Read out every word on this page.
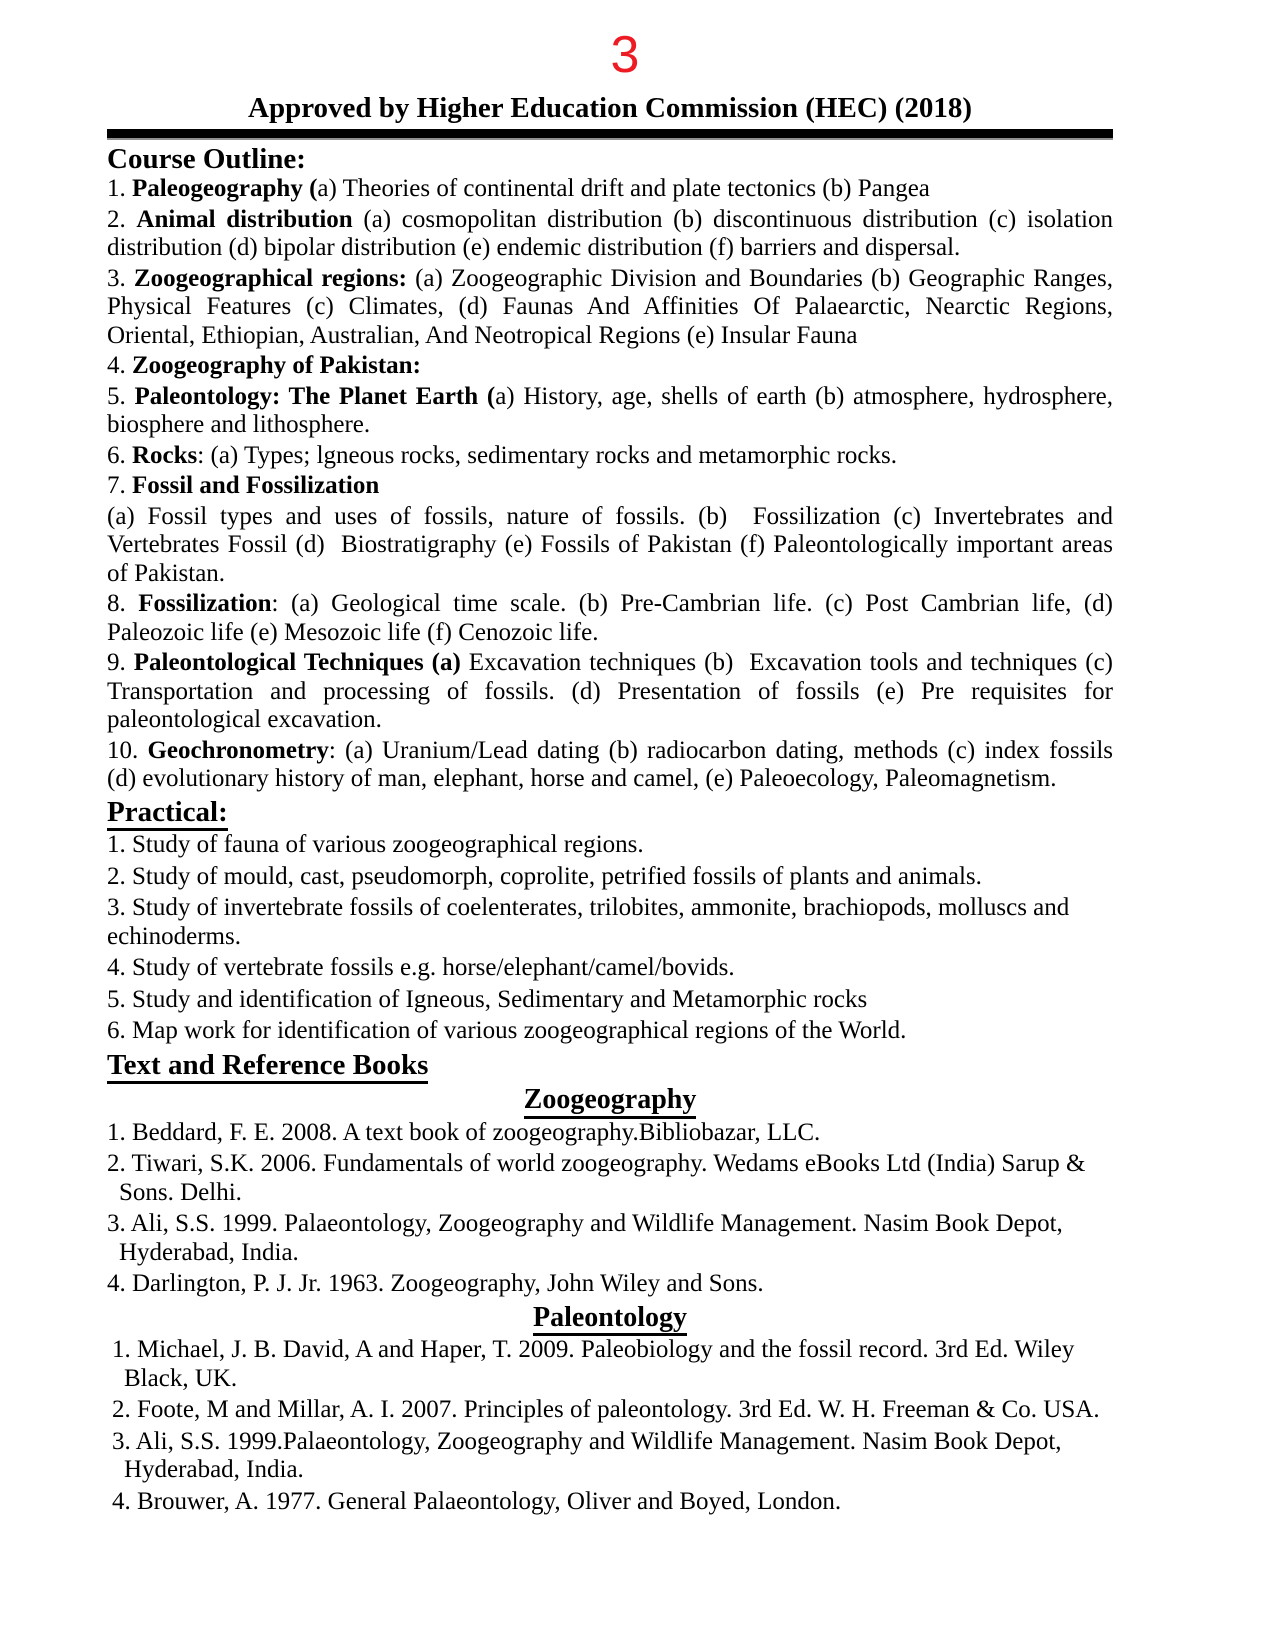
3
Approved by Higher Education Commission (HEC) (2018)
Course Outline:

1. Paleogeography (a) Theories of continental drift and plate tectonics (b) Pangea

2. Animal distribution (a) cosmopolitan distribution (b) discontinuous distribution (c) isolation distribution (d) bipolar distribution (e) endemic distribution (f) barriers and dispersal.

3. Zoogeographical regions: (a) Zoogeographic Division and Boundaries (b) Geographic Ranges, Physical Features (c) Climates, (d) Faunas And Affinities Of Palaearctic, Nearctic Regions, Oriental, Ethiopian, Australian, And Neotropical Regions (e) Insular Fauna

4. Zoogeography of Pakistan:

5. Paleontology: The Planet Earth (a) History, age, shells of earth (b) atmosphere, hydrosphere, biosphere and lithosphere.

6. Rocks: (a) Types; lgneous rocks, sedimentary rocks and metamorphic rocks.

7. Fossil and Fossilization

(a) Fossil types and uses of fossils, nature of fossils. (b)  Fossilization (c) Invertebrates and Vertebrates Fossil (d)  Biostratigraphy (e) Fossils of Pakistan (f) Paleontologically important areas of Pakistan.

8. Fossilization: (a) Geological time scale. (b) Pre-Cambrian life. (c) Post Cambrian life, (d) Paleozoic life (e) Mesozoic life (f) Cenozoic life.

9. Paleontological Techniques (a) Excavation techniques (b)  Excavation tools and techniques (c) Transportation and processing of fossils. (d) Presentation of fossils (e) Pre requisites for paleontological excavation.

10. Geochronometry: (a) Uranium/Lead dating (b) radiocarbon dating, methods (c) index fossils (d) evolutionary history of man, elephant, horse and camel, (e) Paleoecology, Paleomagnetism.

Practical:

1. Study of fauna of various zoogeographical regions.

2. Study of mould, cast, pseudomorph, coprolite, petrified fossils of plants and animals.

3. Study of invertebrate fossils of coelenterates, trilobites, ammonite, brachiopods, molluscs and echinoderms.

4. Study of vertebrate fossils e.g. horse/elephant/camel/bovids.

5. Study and identification of Igneous, Sedimentary and Metamorphic rocks

6. Map work for identification of various zoogeographical regions of the World.

Text and Reference Books
Zoogeography

1. Beddard, F. E. 2008. A text book of zoogeography.Bibliobazar, LLC.

2. Tiwari, S.K. 2006. Fundamentals of world zoogeography. Wedams eBooks Ltd (India) Sarup & Sons. Delhi.

3. Ali, S.S. 1999. Palaeontology, Zoogeography and Wildlife Management. Nasim Book Depot, Hyderabad, India.

4. Darlington, P. J. Jr. 1963. Zoogeography, John Wiley and Sons.

Paleontology

1. Michael, J. B. David, A and Haper, T. 2009. Paleobiology and the fossil record. 3rd Ed. Wiley Black, UK.

2. Foote, M and Millar, A. I. 2007. Principles of paleontology. 3rd Ed. W. H. Freeman & Co. USA.

3. Ali, S.S. 1999.Palaeontology, Zoogeography and Wildlife Management. Nasim Book Depot, Hyderabad, India.

4. Brouwer, A. 1977. General Palaeontology, Oliver and Boyed, London.
